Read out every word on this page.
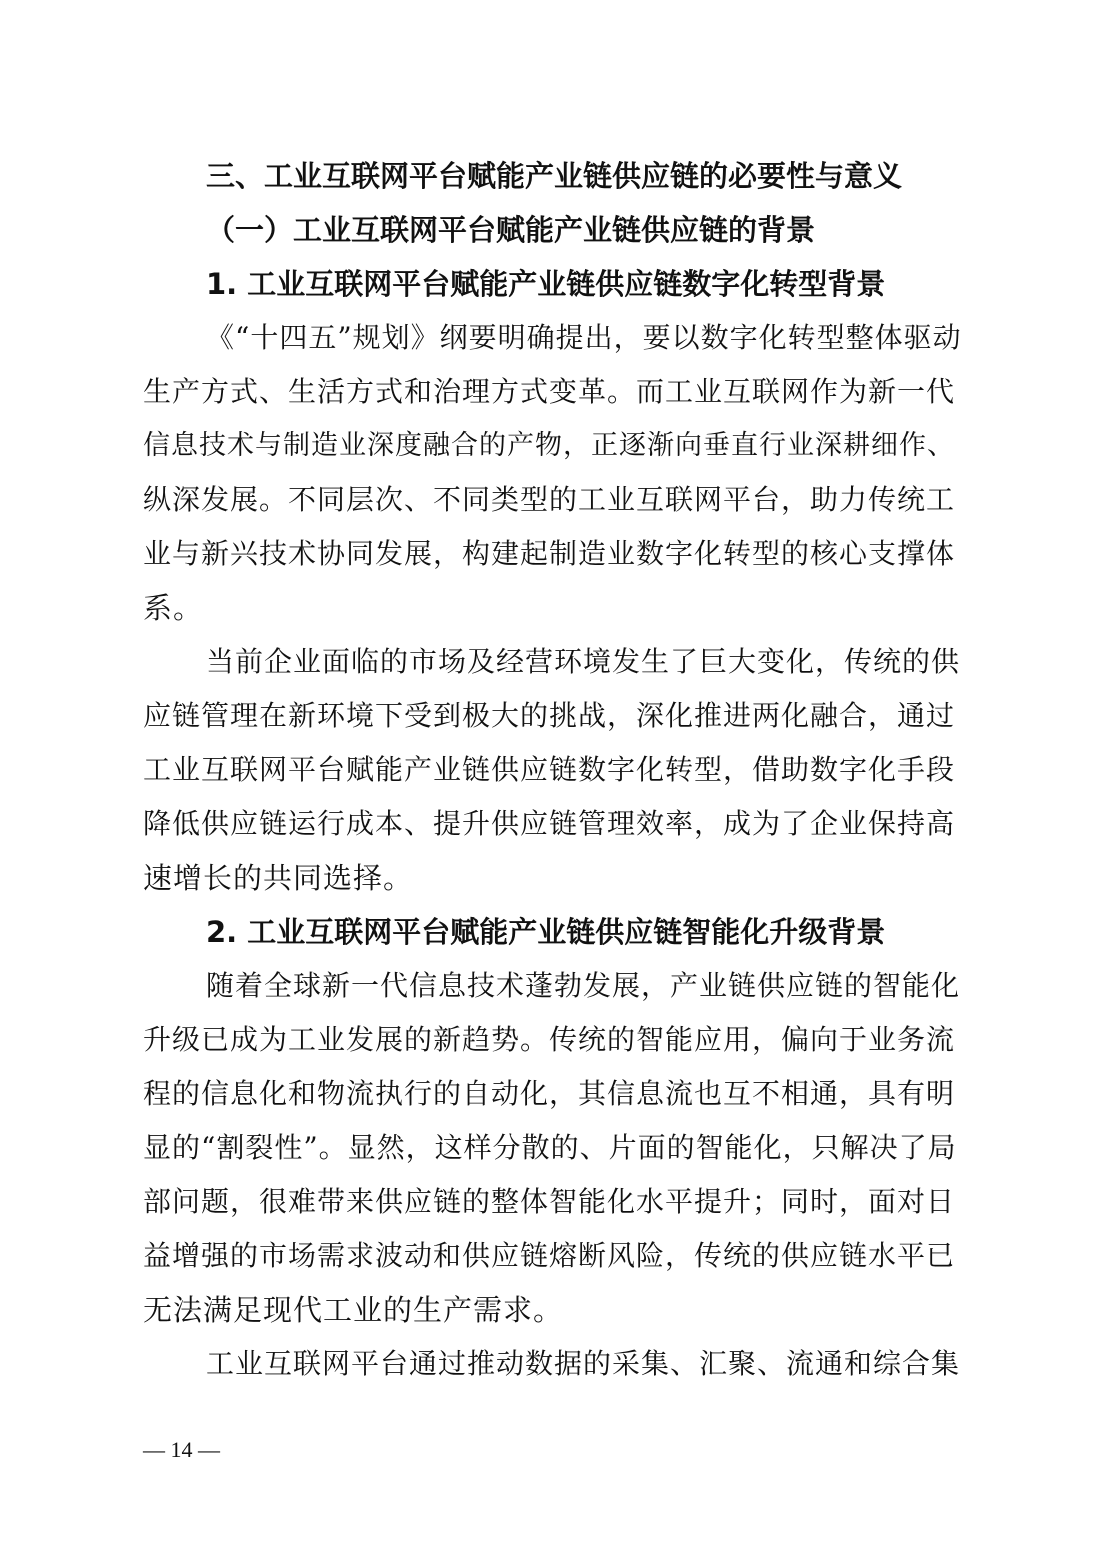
三、工业互联网平台赋能产业链供应链的必要性与意义
（一）工业互联网平台赋能产业链供应链的背景
1. 工业互联网平台赋能产业链供应链数字化转型背景
《“十四五”规划》纲要明确提出，要以数字化转型整体驱动
生产方式、生活方式和治理方式变革。而工业互联网作为新一代
信息技术与制造业深度融合的产物，正逐渐向垂直行业深耕细作、
纵深发展。不同层次、不同类型的工业互联网平台，助力传统工
业与新兴技术协同发展，构建起制造业数字化转型的核心支撑体
系。
当前企业面临的市场及经营环境发生了巨大变化，传统的供
应链管理在新环境下受到极大的挑战，深化推进两化融合，通过
工业互联网平台赋能产业链供应链数字化转型，借助数字化手段
降低供应链运行成本、提升供应链管理效率，成为了企业保持高
速增长的共同选择。
2. 工业互联网平台赋能产业链供应链智能化升级背景
随着全球新一代信息技术蓬勃发展，产业链供应链的智能化
升级已成为工业发展的新趋势。传统的智能应用，偏向于业务流
程的信息化和物流执行的自动化，其信息流也互不相通，具有明
显的“割裂性”。显然，这样分散的、片面的智能化，只解决了局
部问题，很难带来供应链的整体智能化水平提升；同时，面对日
益增强的市场需求波动和供应链熔断风险，传统的供应链水平已
无法满足现代工业的生产需求。
工业互联网平台通过推动数据的采集、汇聚、流通和综合集
— 14 —
